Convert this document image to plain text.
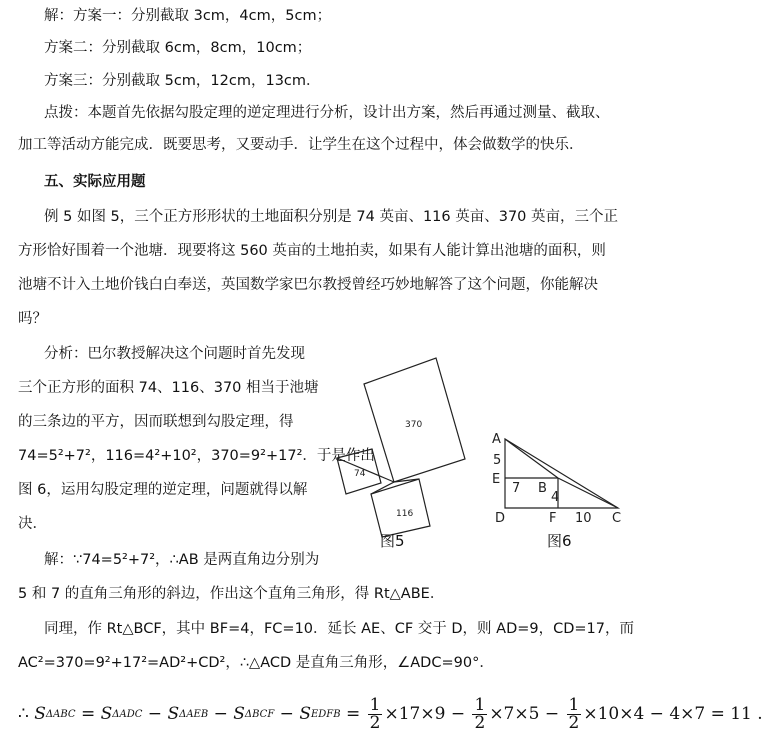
解：方案一：分别截取 3cm，4cm，5cm；
方案二：分别截取 6cm，8cm，10cm；
方案三：分别截取 5cm，12cm，13cm．
点拨：本题首先依据勾股定理的逆定理进行分析，设计出方案，然后再通过测量、截取、
加工等活动方能完成．既要思考，又要动手．让学生在这个过程中，体会做数学的快乐．
五、实际应用题
例 5 如图 5，三个正方形形状的土地面积分别是 74 英亩、116 英亩、370 英亩，三个正
方形恰好围着一个池塘．现要将这 560 英亩的土地拍卖，如果有人能计算出池塘的面积，则
池塘不计入土地价钱白白奉送，英国数学家巴尔教授曾经巧妙地解答了这个问题，你能解决
吗？
分析：巴尔教授解决这个问题时首先发现
三个正方形的面积 74、116、370 相当于池塘
的三条边的平方，因而联想到勾股定理，得
74=5²+7²，116=4²+10²，370=9²+17²．于是作出
图 6，运用勾股定理的逆定理，问题就得以解
决．
解：∵74=5²+7²，∴AB 是两直角边分别为
5 和 7 的直角三角形的斜边，作出这个直角三角形，得 Rt△ABE．
同理，作 Rt△BCF，其中 BF=4，FC=10．延长 AE、CF 交于 D，则 AD=9，CD=17，而
AC²=370=9²+17²=AD²+CD²，∴△ACD 是直角三角形，∠ADC=90°．
370
74
116
A
E
D
B
F	C
5
7
4
10
图5	图6
∴
S ΔABC
=
S ΔADC
−
S ΔAEB
−
S ΔBCF
−
S EDFB = $\frac{1}{2} \times 17\times 9$ −
$\frac{1}{2} \times 7\times 5$ −
$\frac{1}{2} \times 10\times 4 - 4\times 7 = 11$ .
